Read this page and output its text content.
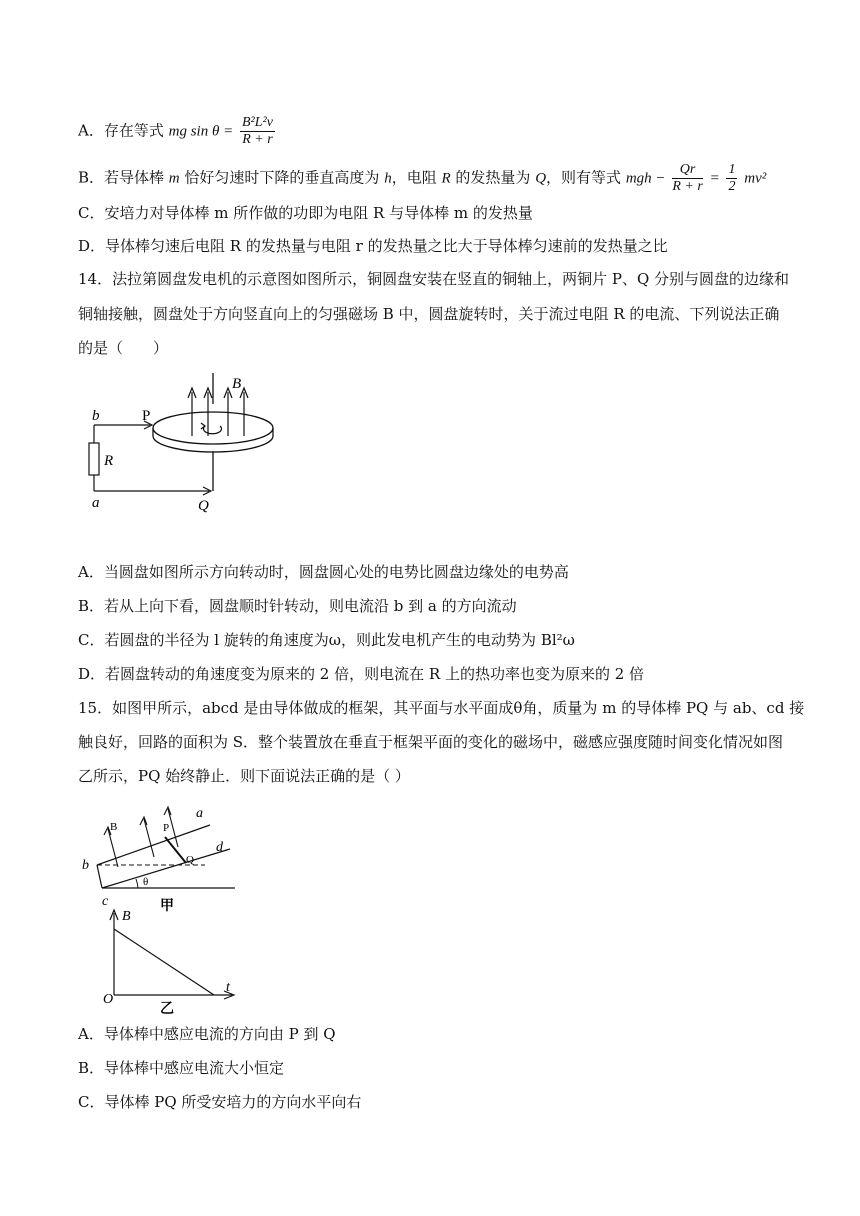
A．存在等式 mg $\sin \theta = \frac{\text{B²L²v}}{R + r}$
B．若导体棒 m 恰好匀速时下降的垂直高度为 h，电阻 R 的发热量为 Q，则有等式 mgh − $\frac{Qr}{R + r} = \frac{1}{2} mv^2$
C．安培力对导体棒 m 所作做的功即为电阻 R 与导体棒 m 的发热量
D．导体棒匀速后电阻 R 的发热量与电阻 r 的发热量之比大于导体棒匀速前的发热量之比
14．法拉第圆盘发电机的示意图如图所示，铜圆盘安装在竖直的铜轴上，两铜片 P、Q 分别与圆盘的边缘和
铜轴接触，圆盘处于方向竖直向上的匀强磁场 B 中，圆盘旋转时，关于流过电阻 R 的电流、下列说法正确
的是（　　）
b	P
R
a	Q
B
A．当圆盘如图所示方向转动时，圆盘圆心处的电势比圆盘边缘处的电势高
B．若从上向下看，圆盘顺时针转动，则电流沿 b 到 a 的方向流动
C．若圆盘的半径为 l 旋转的角速度为ω，则此发电机产生的电动势为 Bl²ω
D．若圆盘转动的角速度变为原来的 2 倍，则电流在 R 上的热功率也变为原来的 2 倍
15．如图甲所示，abcd 是由导体做成的框架，其平面与水平面成θ角，质量为 m 的导体棒 PQ 与 ab、cd 接
触良好，回路的面积为 S．整个装置放在垂直于框架平面的变化的磁场中，磁感应强度随时间变化情况如图
乙所示，PQ 始终静止．则下面说法正确的是（ ）
a
B	P
d
b	Q
θ
c	甲
B
t
O
乙
A．导体棒中感应电流的方向由 P 到 Q
B．导体棒中感应电流大小恒定
C．导体棒 PQ 所受安培力的方向水平向右
